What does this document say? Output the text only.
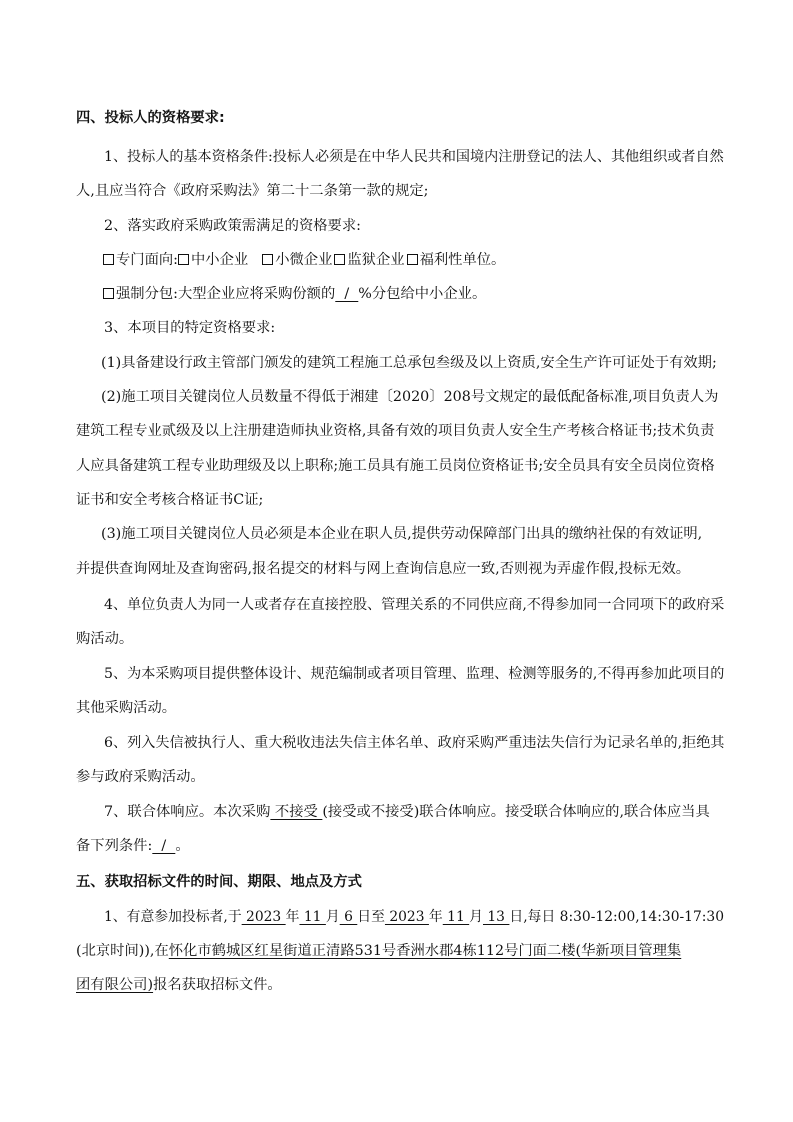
四、投标人的资格要求:
1、投标人的基本资格条件:投标人必须是在中华人民共和国境内注册登记的法人、其他组织或者自然
人,且应当符合《政府采购法》第二十二条第一款的规定;
2、落实政府采购政策需满足的资格要求:
专门面向: 中小企业 小微企业 监狱企业 福利性单位。
强制分包:大型企业应将采购份额的  /  %分包给中小企业。
3、本项目的特定资格要求:
(1)具备建设行政主管部门颁发的建筑工程施工总承包叁级及以上资质,安全生产许可证处于有效期;
(2)施工项目关键岗位人员数量不得低于湘建〔2020〕208号文规定的最低配备标准,项目负责人为
建筑工程专业贰级及以上注册建造师执业资格,具备有效的项目负责人安全生产考核合格证书;技术负责
人应具备建筑工程专业助理级及以上职称;施工员具有施工员岗位资格证书;安全员具有安全员岗位资格
证书和安全考核合格证书C证;
(3)施工项目关键岗位人员必须是本企业在职人员,提供劳动保障部门出具的缴纳社保的有效证明,
并提供查询网址及查询密码,报名提交的材料与网上查询信息应一致,否则视为弄虚作假,投标无效。
4、单位负责人为同一人或者存在直接控股、管理关系的不同供应商,不得参加同一合同项下的政府采
购活动。
5、为本采购项目提供整体设计、规范编制或者项目管理、监理、检测等服务的,不得再参加此项目的
其他采购活动。
6、列入失信被执行人、重大税收违法失信主体名单、政府采购严重违法失信行为记录名单的,拒绝其
参与政府采购活动。
7、联合体响应。本次采购 不接受 (接受或不接受)联合体响应。接受联合体响应的,联合体应当具
备下列条件:  /  。
五、获取招标文件的时间、期限、地点及方式
1、有意参加投标者,于 2023 年 11 月 6 日至 2023 年 11 月 13 日,每日 8:30-12:00,14:30-17:30
(北京时间)),在怀化市鹤城区红星街道正清路531号香洲水郡4栋112号门面二楼(华新项目管理集
团有限公司)报名获取招标文件。
